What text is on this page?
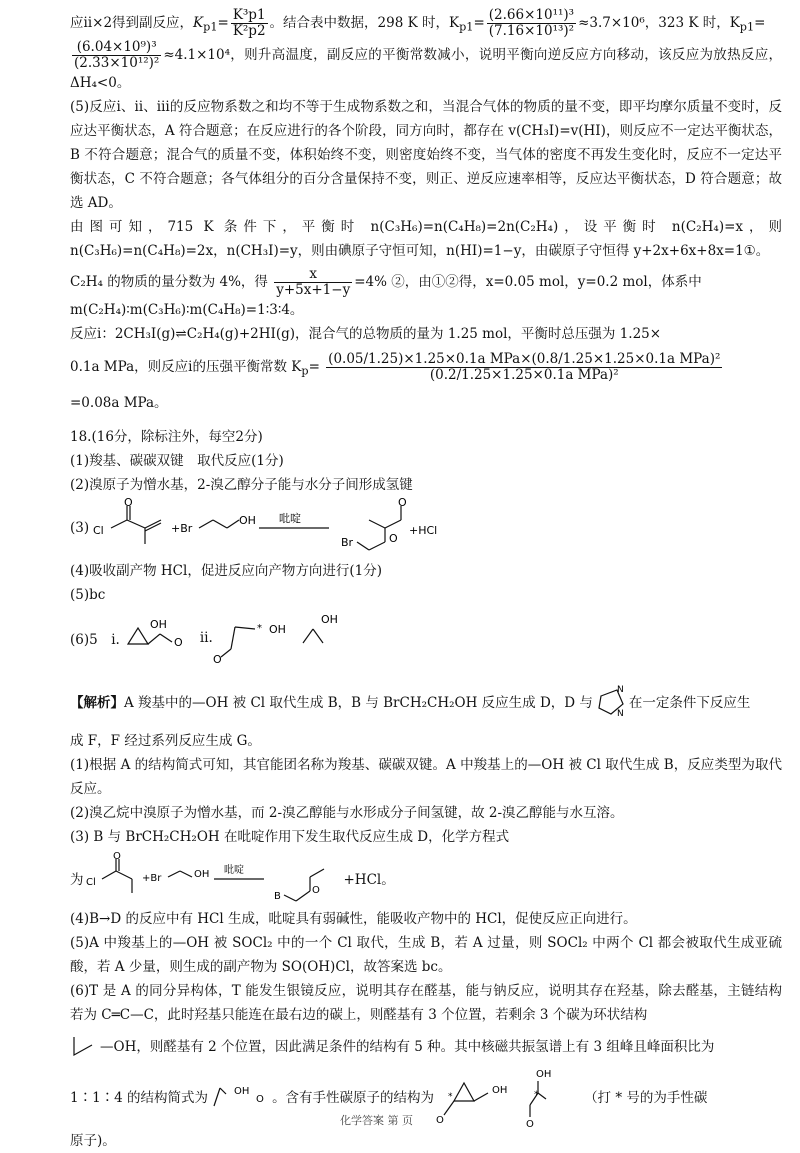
应ⅱ×2得到副反应，$K_{p1}= \frac{\text{K³p1}}{\text{K²p2}}$ 。结合表中数据，298 K 时，$K_{p1}= \frac{\text{(2.66×10¹¹)³}}{\text{(7.16×10¹³)²}} \approx 3.7\times 10^6$，323 K 时，$K_{p1}=$

$\frac{\text{(6.04×10⁹)³}}{\text{(2.33×10¹²)²}} \approx 4.1\times 10^4$，则升高温度，副反应的平衡常数减小，说明平衡向逆反应方向移动，该反应为放热反应，ΔH₄<0。

(5)反应ⅰ、ⅱ、ⅲ的反应物系数之和均不等于生成物系数之和，当混合气体的物质的量不变，即平均摩尔质量不变时，反应达平衡状态，A 符合题意；在反应进行的各个阶段，同方向时，都存在 v(CH₃I)=v(HI)，则反应不一定达平衡状态，B 不符合题意；混合气的质量不变，体积始终不变，则密度始终不变，当气体的密度不再发生变化时，反应不一定达平衡状态，C 不符合题意；各气体组分的百分含量保持不变，则正、逆反应速率相等，反应达平衡状态，D 符合题意；故选 AD。

由图可知，715 K 条件下，平衡时 n(C₃H₆)=n(C₄H₈)=2n(C₂H₄)，设平衡时 n(C₂H₄)=x，则 n(C₃H₆)=n(C₄H₈)=2x，n(CH₃I)=y，则由碘原子守恒可知，n(HI)=1−y，由碳原子守恒得 y+2x+6x+8x=1①。

C₂H₄ 的物质的量分数为 4%，得 $\frac{x}{y+5x+1-y} =4\%$ ②，由①②得，x=0.05 mol，y=0.2 mol，体系中

m(C₂H₄)∶m(C₃H₆)∶m(C₄H₈)=1∶3∶4。

反应ⅰ：2CH₃I(g)⇌C₂H₄(g)+2HI(g)，混合气的总物质的量为 1.25 mol，平衡时总压强为 1.25×

0.1a MPa，则反应ⅰ的压强平衡常数 $K_p= \frac{\text{(0.05/1.25)×1.25×0.1a MPa×(0.8/1.25×1.25×0.1a MPa)²}}{\text{(0.2/1.25×1.25×0.1a MPa)²}}$

=0.08a MPa。

18.(16分，除标注外，每空2分)

(1)羧基、碳碳双键　取代反应(1分)

(2)溴原子为憎水基，2-溴乙醇分子能与水分子间形成氢键

(3)
O
Cl	+Br
OH 吡啶
Br	O
O
+HCl

(4)吸收副产物 HCl，促进反应向产物方向进行(1分)

(5)bc

(6)5　ⅰ.
OH
O ⅱ.
O
* OH
OH
【解析】 A 羧基中的—OH 被 Cl 取代生成 B，B 与 BrCH₂CH₂OH 反应生成 D，D 与
N
N
在一定条件下反应生

成 F，F 经过系列反应生成 G。

(1)根据 A 的结构简式可知，其官能团名称为羧基、碳碳双键。A 中羧基上的—OH 被 Cl 取代生成 B，反应类型为取代反应。

(2)溴乙烷中溴原子为憎水基，而 2-溴乙醇能与水形成分子间氢键，故 2-溴乙醇能与水互溶。

(3) B 与 BrCH₂CH₂OH 在吡啶作用下发生取代反应生成 D，化学方程式

为
O
Cl	+Br	OH 吡啶
B
O
+HCl。

(4)B→D 的反应中有 HCl 生成，吡啶具有弱碱性，能吸收产物中的 HCl，促使反应正向进行。

(5)A 中羧基上的—OH 被 SOCl₂ 中的一个 Cl 取代，生成 B，若 A 过量，则 SOCl₂ 中两个 Cl 都会被取代生成亚硫酸，若 A 少量，则生成的副产物为 SO(OH)Cl，故答案选 bc。

(6)T 是 A 的同分异构体，T 能发生银镜反应，说明其存在醛基，能与钠反应，说明其存在羟基，除去醛基，主链结构若为 C═C—C，此时羟基只能连在最右边的碳上，则醛基有 3 个位置，若剩余 3 个碳为环状结构

—OH，则醛基有 2 个位置，因此满足条件的结构有 5 种。其中核磁共振氢谱上有 3 组峰且峰面积比为
1∶1∶4 的结构简式为	OH
O 。含有手性碳原子的结构为
O
*
OH
OH
O
*	（打 * 号的为手性碳

原子)。

化学答案 第 页
